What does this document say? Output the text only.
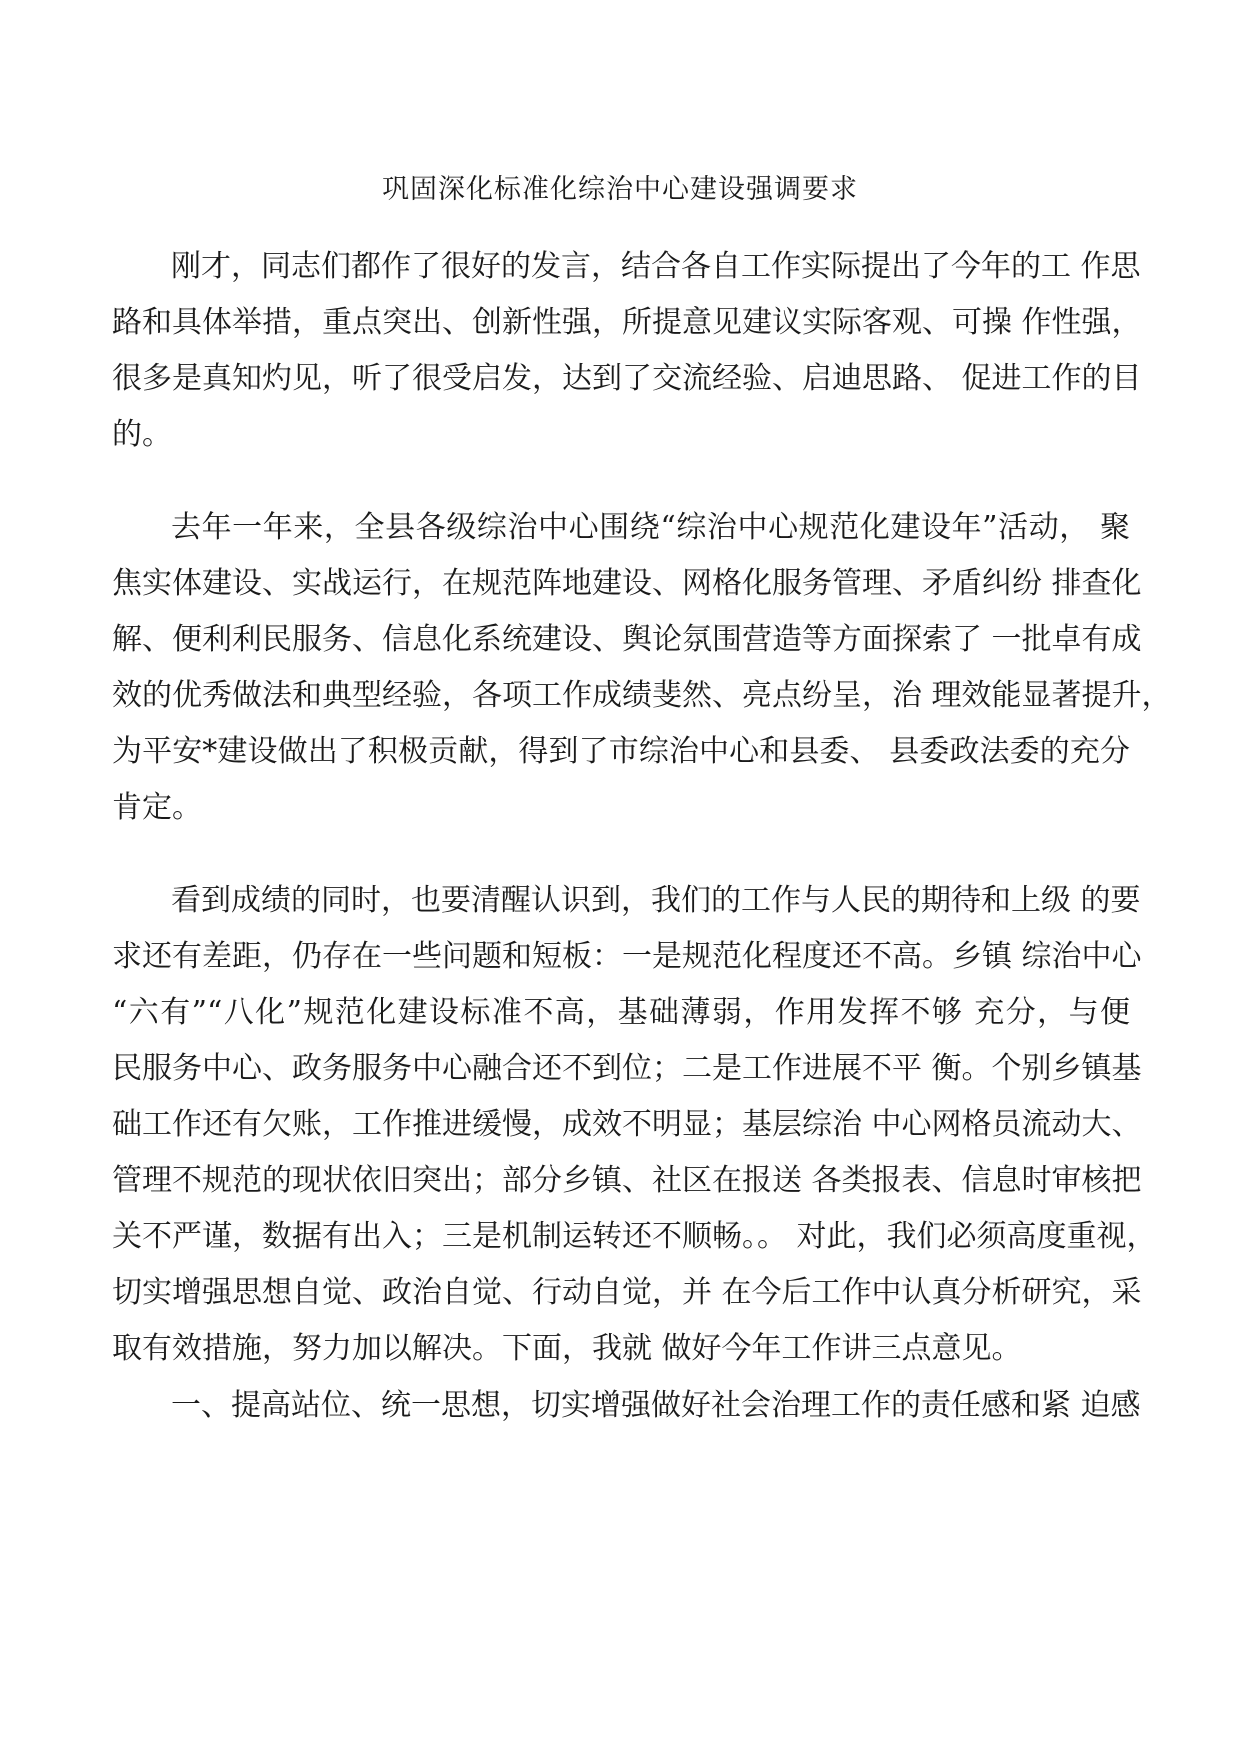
巩固深化标准化综治中心建设强调要求
刚才，同志们都作了很好的发言，结合各自工作实际提出了今年的工 作思
路和具体举措，重点突出、创新性强，所提意见建议实际客观、可操 作性强，
很多是真知灼见，听了很受启发，达到了交流经验、启迪思路、 促进工作的目
的。
去年一年来，全县各级综治中心围绕“综治中心规范化建设年”活动， 聚
焦实体建设、实战运行，在规范阵地建设、网格化服务管理、矛盾纠纷 排查化
解、便利利民服务、信息化系统建设、舆论氛围营造等方面探索了 一批卓有成
效的优秀做法和典型经验，各项工作成绩斐然、亮点纷呈，治 理效能显著提升，
为平安*建设做出了积极贡献，得到了市综治中心和县委、 县委政法委的充分
肯定。
看到成绩的同时，也要清醒认识到，我们的工作与人民的期待和上级 的要
求还有差距，仍存在一些问题和短板：一是规范化程度还不高。乡镇 综治中心
“六有”“八化”规范化建设标准不高，基础薄弱，作用发挥不够 充分，与便
民服务中心、政务服务中心融合还不到位；二是工作进展不平 衡。个别乡镇基
础工作还有欠账，工作推进缓慢，成效不明显；基层综治 中心网格员流动大、
管理不规范的现状依旧突出；部分乡镇、社区在报送 各类报表、信息时审核把
关不严谨，数据有出入；三是机制运转还不顺畅。。 对此，我们必须高度重视，
切实增强思想自觉、政治自觉、行动自觉，并 在今后工作中认真分析研究，采
取有效措施，努力加以解决。下面，我就 做好今年工作讲三点意见。
一、提高站位、统一思想，切实增强做好社会治理工作的责任感和紧 迫感
